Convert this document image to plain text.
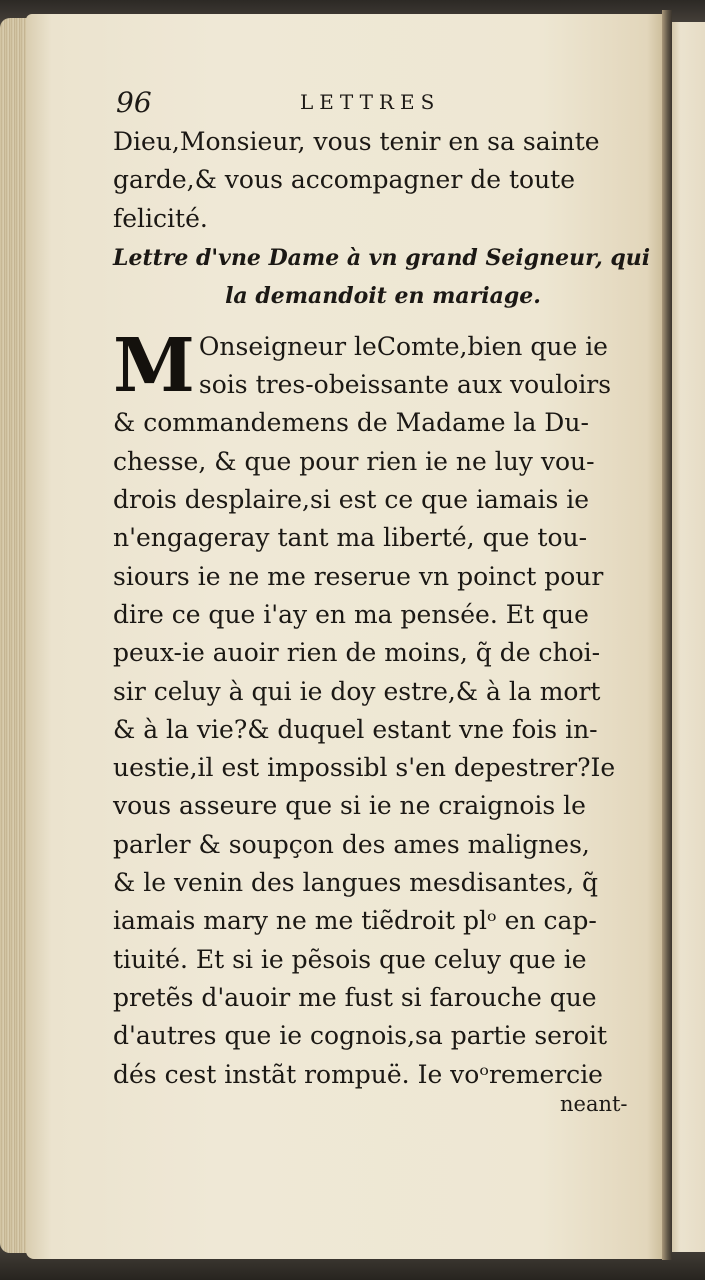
96	LETTRES
Dieu,Monsieur, vous tenir en sa sainte
garde,& vous accompagner de toute
felicité.
Lettre d'vne Dame à vn grand Seigneur, qui
la demandoit en mariage.
M Onseigneur leComte,bien que ie
sois tres-obeissante aux vouloirs
& commandemens de Madame la Du-
chesse, & que pour rien ie ne luy vou-
drois desplaire,si est ce que iamais ie
n'engageray tant ma liberté, que tou-
siours ie ne me reserue vn poinct pour
dire ce que i'ay en ma pensée. Et que
peux-ie auoir rien de moins, q̃ de choi-
sir celuy à qui ie doy estre,& à la mort
& à la vie?& duquel estant vne fois in-
uestie,il est impossibl s'en depestrer?Ie
vous asseure que si ie ne craignois le
parler & soupçon des ames malignes,
& le venin des langues mesdisantes, q̃
iamais mary ne me tiẽdroit plᵒ en cap-
tiuité. Et si ie pẽsois que celuy que ie
pretẽs d'auoir me fust si farouche que
d'autres que ie cognois,sa partie seroit
dés cest instãt rompuë. Ie voᵒremercie
neant-
